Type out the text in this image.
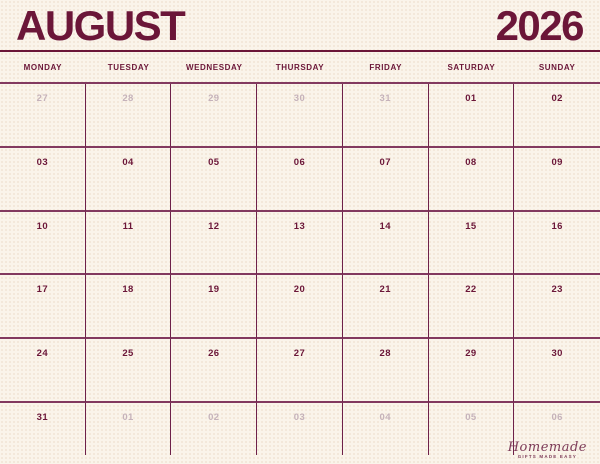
AUGUST	2026
MONDAY	TUESDAY	WEDNESDAY	THURSDAY	FRIDAY	SATURDAY	SUNDAY
27	28	29	30	31	01	02
03	04	05	06	07	08	09
10	11	12	13	14	15	16
17	18	19	20	21	22	23
24	25	26	27	28	29	30
31	01	02	03	04	05	06
Homemade
GIFTS MADE EASY
